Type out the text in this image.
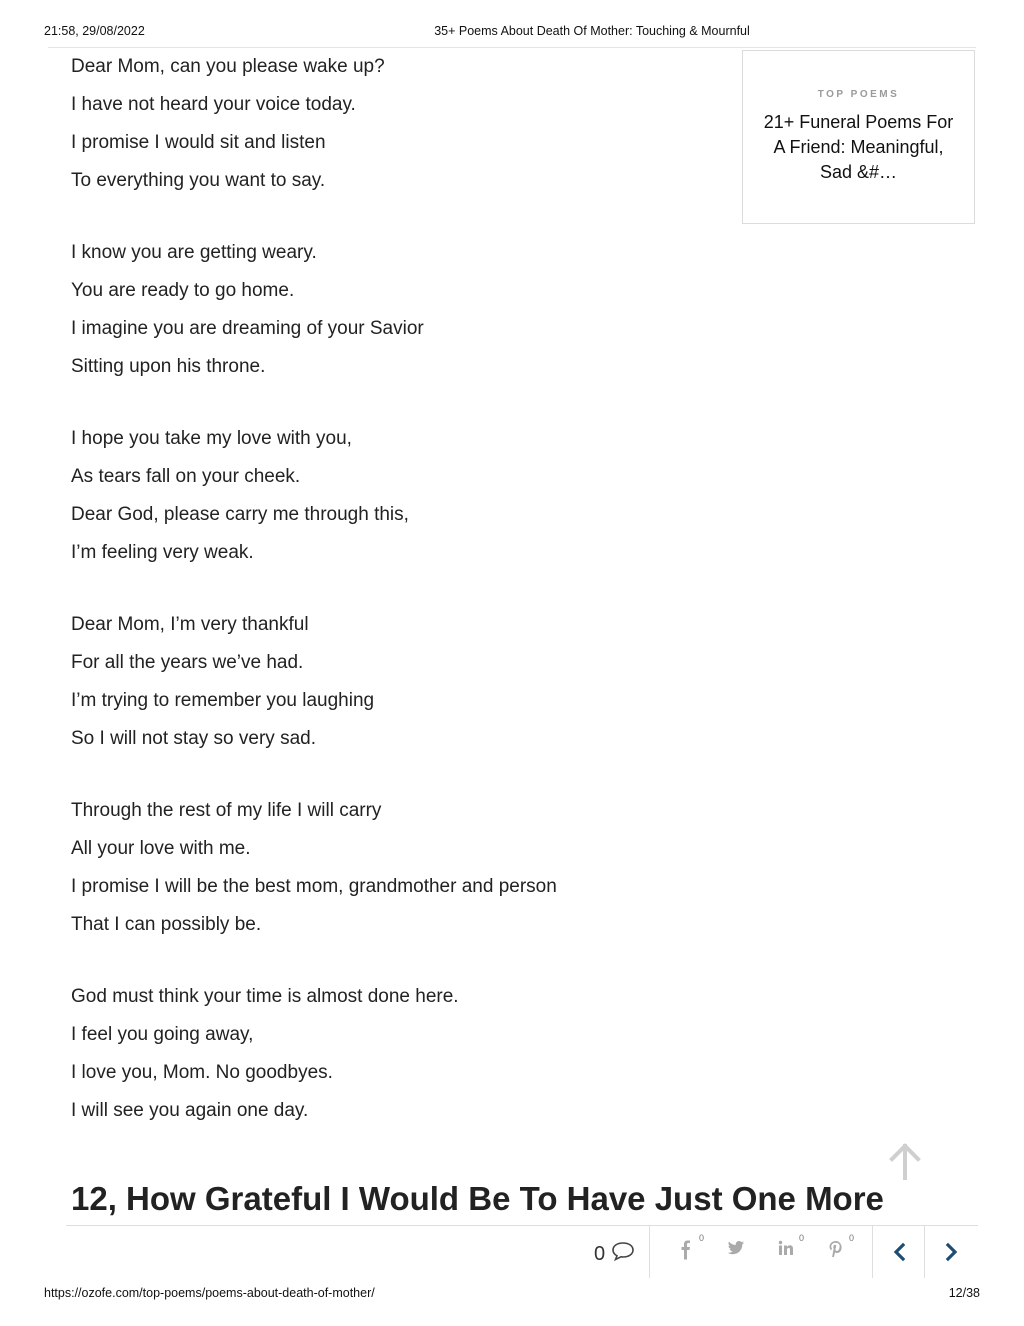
21:58, 29/08/2022	35+ Poems About Death Of Mother: Touching & Mournful
Dear Mom, can you please wake up?
I have not heard your voice today.
I promise I would sit and listen
To everything you want to say.
I know you are getting weary.
You are ready to go home.
I imagine you are dreaming of your Savior
Sitting upon his throne.
I hope you take my love with you,
As tears fall on your cheek.
Dear God, please carry me through this,
I’m feeling very weak.
Dear Mom, I’m very thankful
For all the years we’ve had.
I’m trying to remember you laughing
So I will not stay so very sad.
Through the rest of my life I will carry
All your love with me.
I promise I will be the best mom, grandmother and person
That I can possibly be.
God must think your time is almost done here.
I feel you going away,
I love you, Mom. No goodbyes.
I will see you again one day.
TOP POEMS
21+ Funeral Poems For A Friend: Meaningful, Sad &#…
12, How Grateful I Would Be To Have Just One More
0
0	0	0
https://ozofe.com/top-poems/poems-about-death-of-mother/	12/38
